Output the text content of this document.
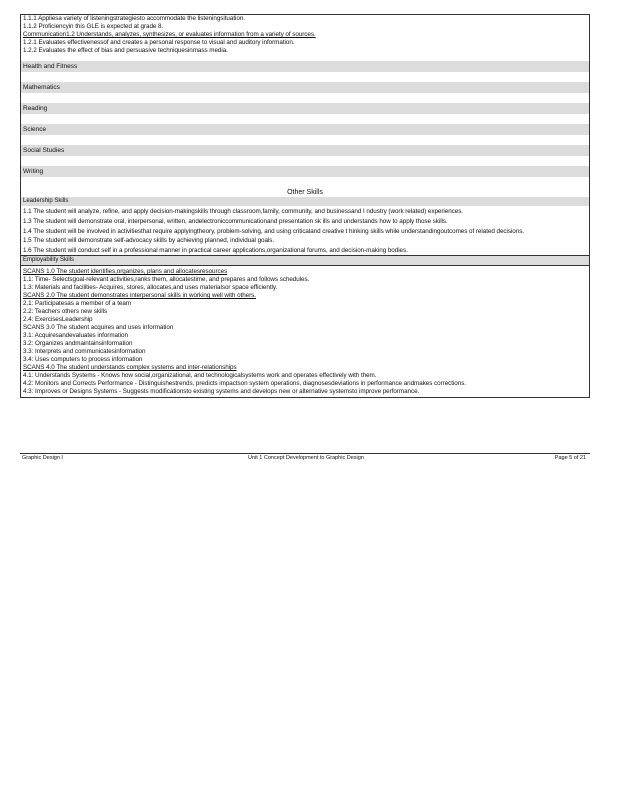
1.1.1 Appliesa variety of listeningstrategiesto accommodate the listeningsituation.
1.1.2 Proficiencyin this GLE is expected at grade 8.
Communication1.2 Understands, analyzes, synthesizes, or evaluates information from a variety of sources.
1.2.1 Evaluates effectivenessof and creates a personal response to visual and auditory information.
1.2.2 Evaluates the effect of bias and persuasive techniquesinmass media.
Health and Fitness
Mathematics
Reading
Science
Social Studies
Writing
Other Skills
Leadership Skills
1.1 The student will analyze, refine, and apply decision-makingskills through classroom,family, community, and businessand I ndustry (work related) experiences.
1.3 The student will demonstrate oral, interpersonal, written, andelectroniccommunicationand presentation sk ills and understands how to apply those skills.
1.4 The student will be involved in activitiesthat require applyingtheory, problem-solving, and using criticaland creative t hinking skills while understandingoutcomes of related decisions.
1.5 The student will demonstrate self-advocacy skills by achieving planned, individual goals.
1.6 The student will conduct self in a professional manner in practical career applications,organizational forums, and decision-making bodies.
Employability Skills
SCANS 1.0 The student identifies,organizes, plans and allocatesresources
1.1: Time- Selectsgoal-relevant activities,ranks them, allocatestime, and prepares and follows schedules.
1.3: Materials and facilities- Acquires, stores, allocates,and uses materialsor space efficiently.
SCANS 2.0 The student demonstrates interpersonal skills in working well with others.
2.1: Participatesas a member of a team
2.2: Teachers others new skills
2.4: ExercisesLeadership
SCANS 3.0 The student acquires and uses information
3.1: Acquiresandevaluates information
3.2: Organizes andmaintainsinformation
3.3: Interprets and communicatesinformation
3.4: Uses computers to process information
SCANS 4.0 The student understands complex systems and inter-relationships
4.1: Understands Systems - Knows how social,organizational, and technologicalsystems work and operates effectively with them.
4.2: Monitors and Corrects Performance - Distinguishestrends, predicts impactson system operations, diagnosesdeviations in performance andmakes corrections.
4.3: Improves or Designs Systems - Suggests modificationsto existing systems and develops new or alternative systemsto improve performance.
Graphic Design I	Unit 1 Concept Development to Graphic Design	Page 5 of 21
